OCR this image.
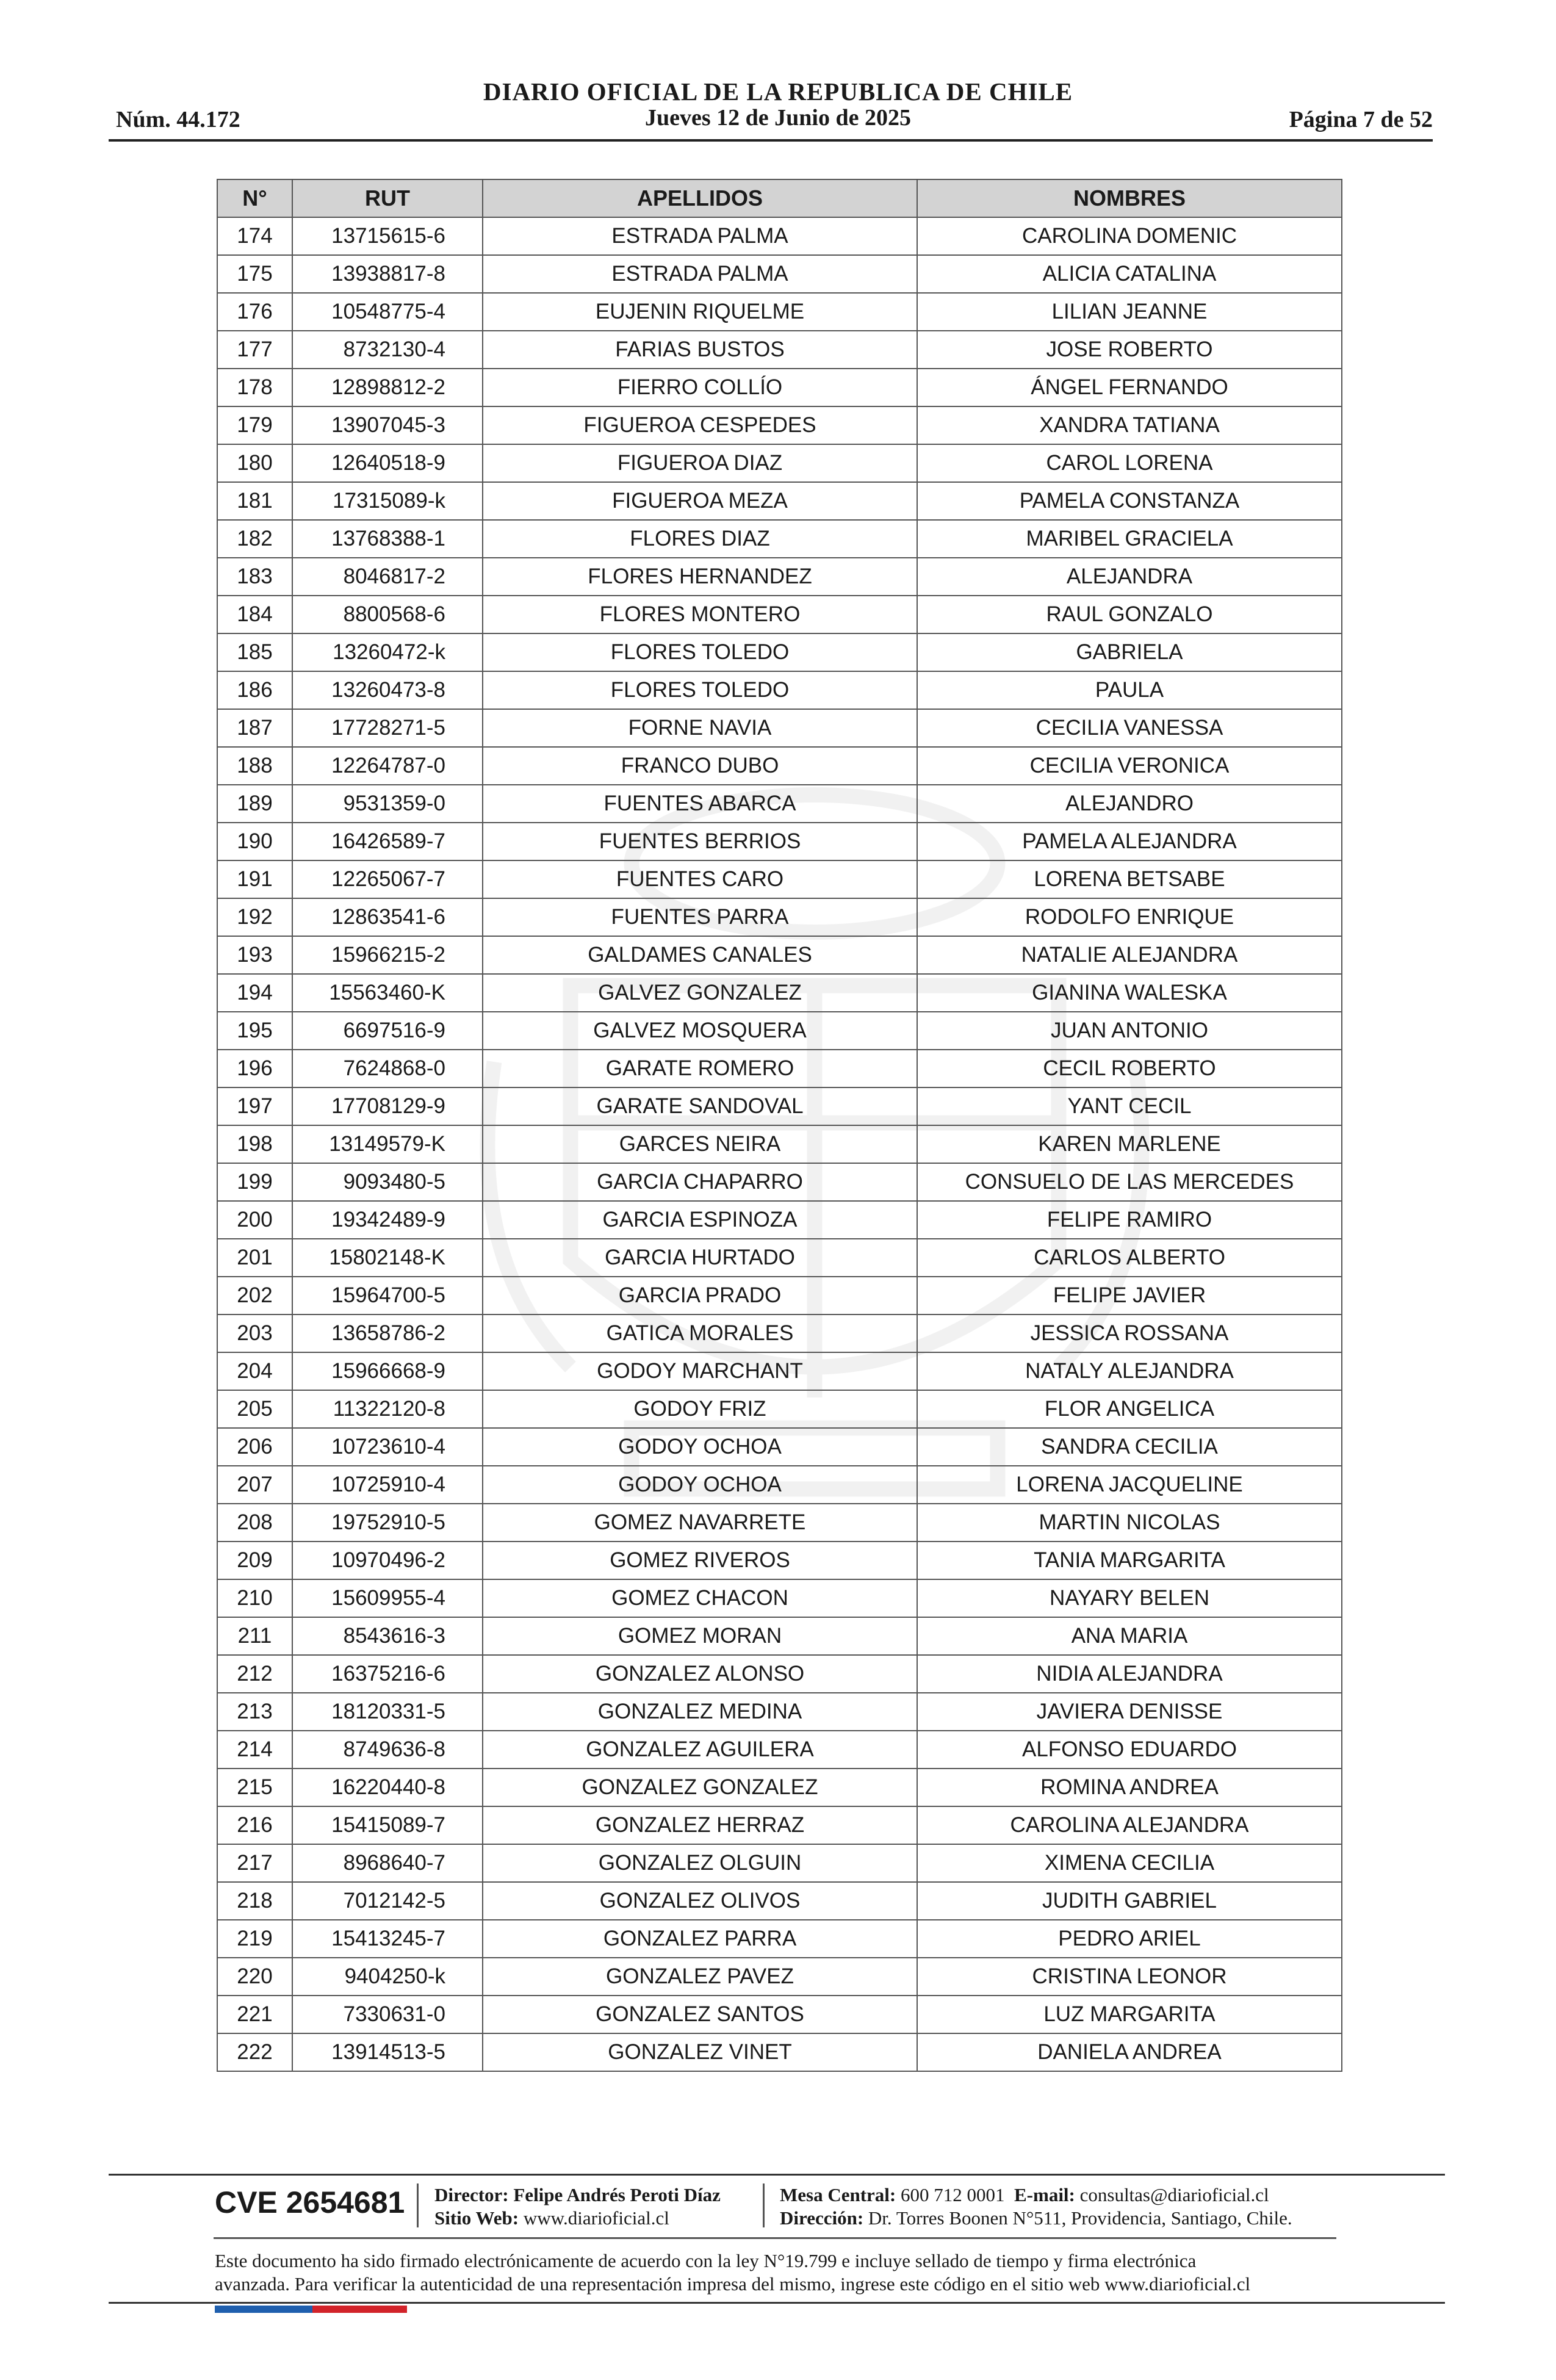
DIARIO OFICIAL DE LA REPUBLICA DE CHILE
Núm. 44.172	Jueves 12 de Junio de 2025	Página 7 de 52
N°	RUT	APELLIDOS	NOMBRES
174	13715615-6	ESTRADA PALMA	CAROLINA DOMENIC
175	13938817-8	ESTRADA PALMA	ALICIA CATALINA
176	10548775-4	EUJENIN RIQUELME	LILIAN JEANNE
177	8732130-4	FARIAS BUSTOS	JOSE ROBERTO
178	12898812-2	FIERRO COLLÍO	ÁNGEL FERNANDO
179	13907045-3	FIGUEROA CESPEDES	XANDRA TATIANA
180	12640518-9	FIGUEROA DIAZ	CAROL LORENA
181	17315089-k	FIGUEROA MEZA	PAMELA CONSTANZA
182	13768388-1	FLORES DIAZ	MARIBEL GRACIELA
183	8046817-2	FLORES HERNANDEZ	ALEJANDRA
184	8800568-6	FLORES MONTERO	RAUL GONZALO
185	13260472-k	FLORES TOLEDO	GABRIELA
186	13260473-8	FLORES TOLEDO	PAULA
187	17728271-5	FORNE NAVIA	CECILIA VANESSA
188	12264787-0	FRANCO DUBO	CECILIA VERONICA
189	9531359-0	FUENTES ABARCA	ALEJANDRO
190	16426589-7	FUENTES BERRIOS	PAMELA ALEJANDRA
191	12265067-7	FUENTES CARO	LORENA BETSABE
192	12863541-6	FUENTES PARRA	RODOLFO ENRIQUE
193	15966215-2	GALDAMES CANALES	NATALIE ALEJANDRA
194	15563460-K	GALVEZ GONZALEZ	GIANINA WALESKA
195	6697516-9	GALVEZ MOSQUERA	JUAN ANTONIO
196	7624868-0	GARATE ROMERO	CECIL ROBERTO
197	17708129-9	GARATE SANDOVAL	YANT CECIL
198	13149579-K	GARCES NEIRA	KAREN MARLENE
199	9093480-5	GARCIA CHAPARRO	CONSUELO DE LAS MERCEDES
200	19342489-9	GARCIA ESPINOZA	FELIPE RAMIRO
201	15802148-K	GARCIA HURTADO	CARLOS ALBERTO
202	15964700-5	GARCIA PRADO	FELIPE JAVIER
203	13658786-2	GATICA MORALES	JESSICA ROSSANA
204	15966668-9	GODOY MARCHANT	NATALY ALEJANDRA
205	11322120-8	GODOY FRIZ	FLOR ANGELICA
206	10723610-4	GODOY OCHOA	SANDRA CECILIA
207	10725910-4	GODOY OCHOA	LORENA JACQUELINE
208	19752910-5	GOMEZ NAVARRETE	MARTIN NICOLAS
209	10970496-2	GOMEZ RIVEROS	TANIA MARGARITA
210	15609955-4	GOMEZ CHACON	NAYARY BELEN
211	8543616-3	GOMEZ MORAN	ANA MARIA
212	16375216-6	GONZALEZ ALONSO	NIDIA ALEJANDRA
213	18120331-5	GONZALEZ MEDINA	JAVIERA DENISSE
214	8749636-8	GONZALEZ AGUILERA	ALFONSO EDUARDO
215	16220440-8	GONZALEZ GONZALEZ	ROMINA ANDREA
216	15415089-7	GONZALEZ HERRAZ	CAROLINA ALEJANDRA
217	8968640-7	GONZALEZ OLGUIN	XIMENA CECILIA
218	7012142-5	GONZALEZ OLIVOS	JUDITH GABRIEL
219	15413245-7	GONZALEZ PARRA	PEDRO ARIEL
220	9404250-k	GONZALEZ PAVEZ	CRISTINA LEONOR
221	7330631-0	GONZALEZ SANTOS	LUZ MARGARITA
222	13914513-5	GONZALEZ VINET	DANIELA ANDREA
CVE 2654681 Director: Felipe Andrés Peroti Díaz
Sitio Web: www.diarioficial.cl
Mesa Central: 600 712 0001 E-mail: consultas@diarioficial.cl
Dirección: Dr. Torres Boonen N°511, Providencia, Santiago, Chile.
Este documento ha sido firmado electrónicamente de acuerdo con la ley N°19.799 e incluye sellado de tiempo y firma electrónica
avanzada. Para verificar la autenticidad de una representación impresa del mismo, ingrese este código en el sitio web www.diarioficial.cl
